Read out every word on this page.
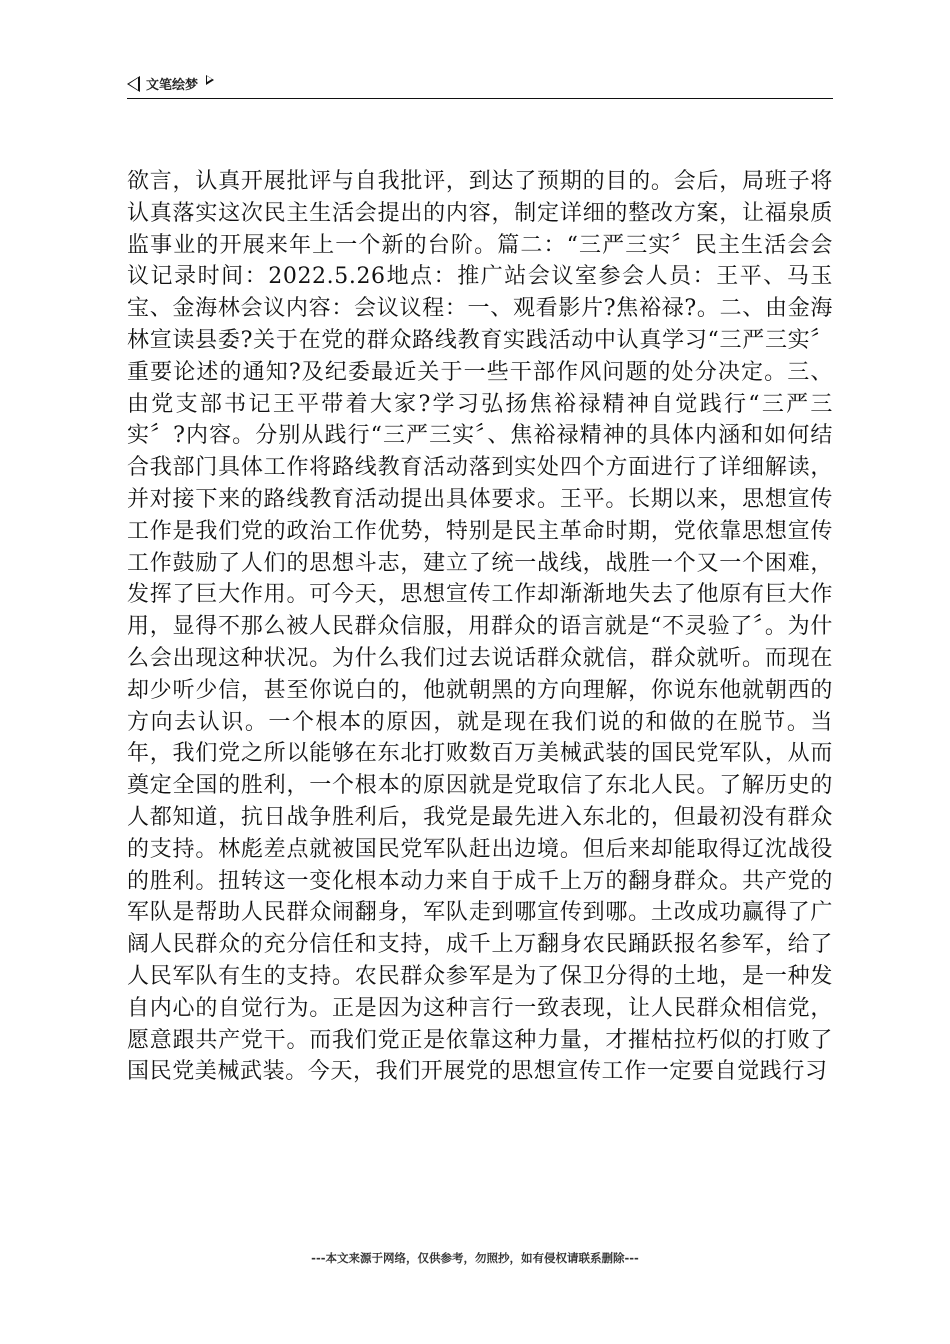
文笔绘梦

欲言，认真开展批评与自我批评，到达了预期的目的。会后，局班子将认真落实这次民主生活会提出的内容，制定详细的整改方案，让福泉质监事业的开展来年上一个新的台阶。篇二：“三严三实〞民主生活会会议记录时间：2022.5.26地点：推广站会议室参会人员：王平、马玉宝、金海林会议内容：会议议程：一、观看影片?焦裕禄?。二、由金海林宣读县委?关于在党的群众路线教育实践活动中认真学习“三严三实〞重要论述的通知?及纪委最近关于一些干部作风问题的处分决定。三、由党支部书记王平带着大家?学习弘扬焦裕禄精神自觉践行“三严三实〞?内容。分别从践行“三严三实〞、焦裕禄精神的具体内涵和如何结合我部门具体工作将路线教育活动落到实处四个方面进行了详细解读，并对接下来的路线教育活动提出具体要求。王平。长期以来，思想宣传工作是我们党的政治工作优势，特别是民主革命时期，党依靠思想宣传工作鼓励了人们的思想斗志，建立了统一战线，战胜一个又一个困难，发挥了巨大作用。可今天，思想宣传工作却渐渐地失去了他原有巨大作用，显得不那么被人民群众信服，用群众的语言就是“不灵验了〞。为什么会出现这种状况。为什么我们过去说话群众就信，群众就听。而现在却少听少信，甚至你说白的，他就朝黑的方向理解，你说东他就朝西的方向去认识。一个根本的原因，就是现在我们说的和做的在脱节。当年，我们党之所以能够在东北打败数百万美械武装的国民党军队，从而奠定全国的胜利，一个根本的原因就是党取信了东北人民。了解历史的人都知道，抗日战争胜利后，我党是最先进入东北的，但最初没有群众的支持。林彪差点就被国民党军队赶出边境。但后来却能取得辽沈战役的胜利。扭转这一变化根本动力来自于成千上万的翻身群众。共产党的军队是帮助人民群众闹翻身，军队走到哪宣传到哪。土改成功赢得了广阔人民群众的充分信任和支持，成千上万翻身农民踊跃报名参军，给了人民军队有生的支持。农民群众参军是为了保卫分得的土地，是一种发自内心的自觉行为。正是因为这种言行一致表现，让人民群众相信党，愿意跟共产党干。而我们党正是依靠这种力量，才摧枯拉朽似的打败了国民党美械武装。今天，我们开展党的思想宣传工作一定要自觉践行习

---本文来源于网络，仅供参考，勿照抄，如有侵权请联系删除---
